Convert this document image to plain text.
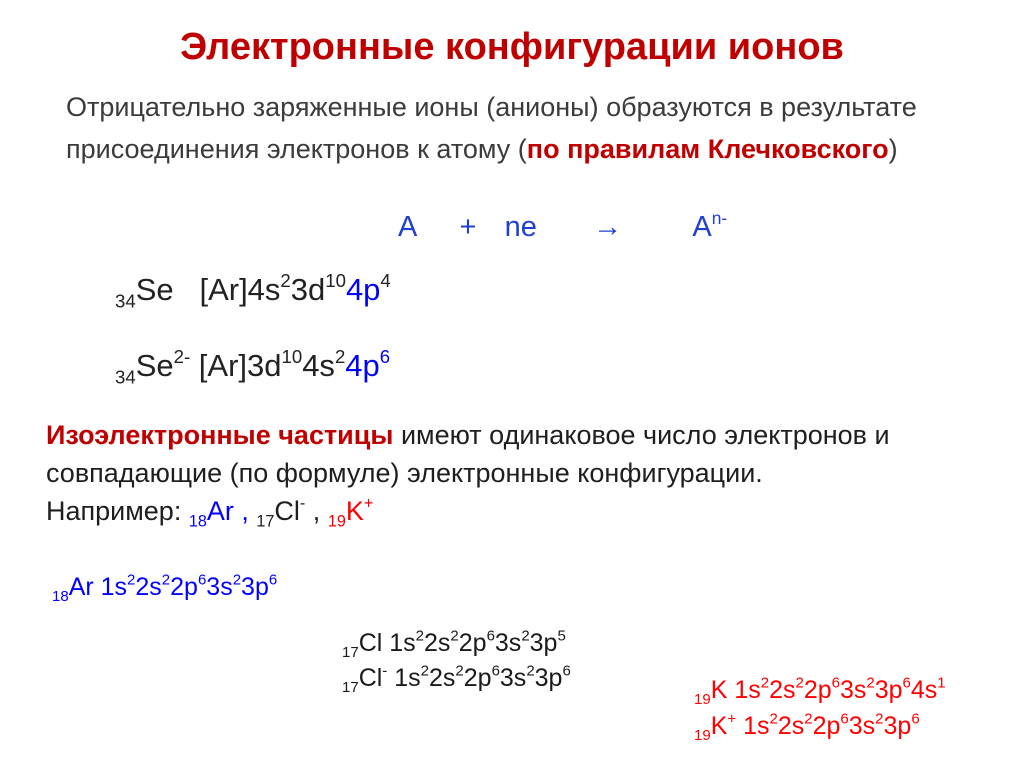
Электронные конфигурации ионов
Отрицательно заряженные ионы (анионы) образуются в результате присоединения электронов к атому (по правилам Клечковского)
A + ne → $A^{n-}$
$_{34}$Se $[Ar]4s^23d^{10}4p^4$
$_{34}Se^{2-}$ $[Ar]3d^{10}4s^24p^6$
Изоэлектронные частицы имеют одинаковое число электронов и совпадающие (по формуле) электронные конфигурации.
Например: $_{18}$Ar , $_{17}$Cl- , $_{19}$K+
$_{18}$Ar $1s^22s^22p^63s^23p^6$
$_{17}$Cl $1s^22s^22p^63s^23p^5$
$_{17}$Cl- $1s^22s^22p^63s^23p^6$
$_{19}$K $1s^22s^22p^63s^23p^64s^1$
$_{19}$K+ $1s^22s^22p^63s^23p^6$
